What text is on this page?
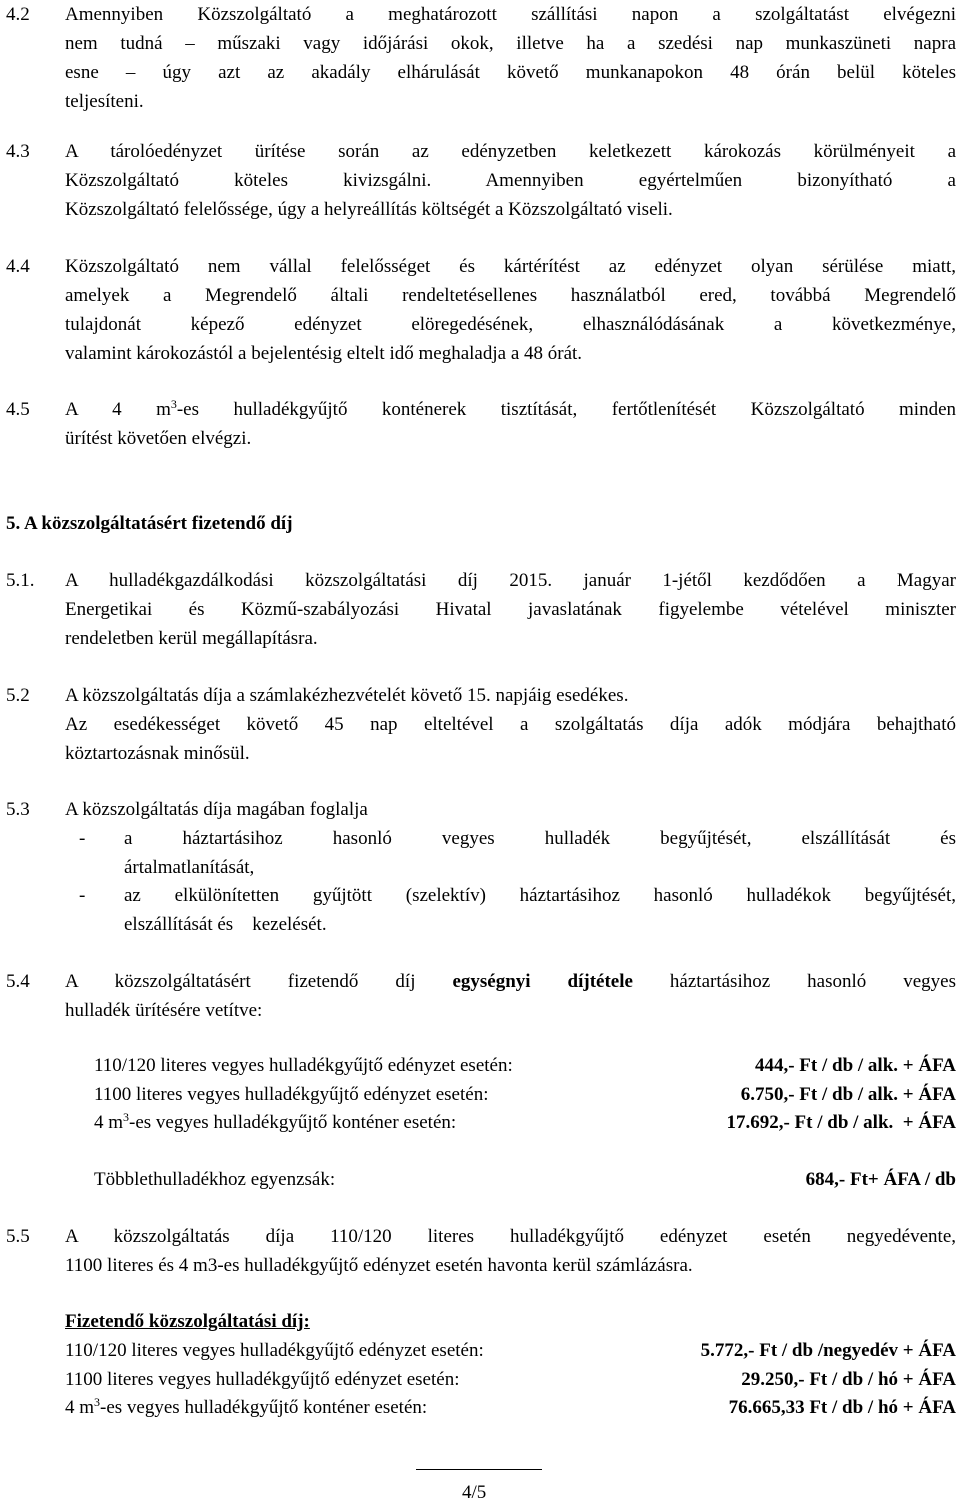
4.2	Amennyiben Közszolgáltató a meghatározott szállítási napon a szolgáltatást elvégezni
nem tudná – műszaki vagy időjárási okok, illetve ha a szedési nap munkaszüneti napra
esne – úgy azt az akadály elhárulását követő munkanapokon 48 órán belül köteles
teljesíteni.
4.3	A tárolóedényzet ürítése során az edényzetben keletkezett károkozás körülményeit a
Közszolgáltató köteles kivizsgálni. Amennyiben egyértelműen bizonyítható a
Közszolgáltató felelőssége, úgy a helyreállítás költségét a Közszolgáltató viseli.
4.4	Közszolgáltató nem vállal felelősséget és kártérítést az edényzet olyan sérülése miatt,
amelyek a Megrendelő általi rendeltetésellenes használatból ered, továbbá Megrendelő
tulajdonát képező edényzet elöregedésének, elhasználódásának a következménye,
valamint károkozástól a bejelentésig eltelt idő meghaladja a 48 órát.
4.5	A 4 $m^3-es$ hulladékgyűjtő konténerek tisztítását, fertőtlenítését Közszolgáltató minden
ürítést követően elvégzi.
5. A közszolgáltatásért fizetendő díj
5.1.	A hulladékgazdálkodási közszolgáltatási díj 2015. január 1-jétől kezdődően a Magyar
Energetikai és Közmű-szabályozási Hivatal javaslatának figyelembe vételével miniszter
rendeletben kerül megállapításra.
5.2	A közszolgáltatás díja a számlakézhezvételét követő 15. napjáig esedékes.
Az esedékességet követő 45 nap elteltével a szolgáltatás díja adók módjára behajtható
köztartozásnak minősül.
5.3	A közszolgáltatás díja magában foglalja
- a háztartásihoz hasonló vegyes hulladék begyűjtését, elszállítását és
ártalmatlanítását,
- az elkülönítetten gyűjtött (szelektív) háztartásihoz hasonló hulladékok begyűjtését,
elszállítását és    kezelését.
5.4	A közszolgáltatásért fizetendő díj egységnyi díjtétele háztartásihoz hasonló vegyes
hulladék ürítésére vetítve:
110/120 literes vegyes hulladékgyűjtő edényzet esetén:	444,- Ft / db / alk. + ÁFA
1100 literes vegyes hulladékgyűjtő edényzet esetén:	6.750,- Ft / db / alk. + ÁFA
4 $m^3-es$ vegyes hulladékgyűjtő konténer esetén:	17.692,- Ft / db / alk.  + ÁFA
Többlethulladékhoz egyenzsák:	684,- Ft+ ÁFA / db
5.5	A közszolgáltatás díja 110/120 literes hulladékgyűjtő edényzet esetén negyedévente,
1100 literes és 4 m3-es hulladékgyűjtő edényzet esetén havonta kerül számlázásra.
Fizetendő közszolgáltatási díj:
110/120 literes vegyes hulladékgyűjtő edényzet esetén:	5.772,- Ft / db /negyedév + ÁFA
1100 literes vegyes hulladékgyűjtő edényzet esetén:	29.250,- Ft / db / hó + ÁFA
4 $m^3-es$ vegyes hulladékgyűjtő konténer esetén:	76.665,33 Ft / db / hó + ÁFA
4/5
